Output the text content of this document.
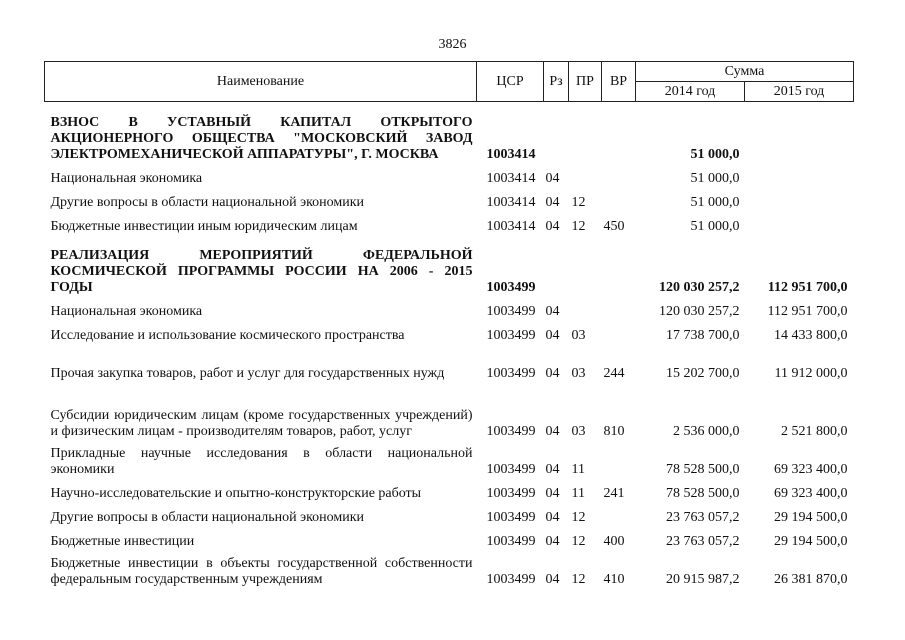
3826
Наименование	ЦСР	Рз	ПР	ВР	Сумма	
					2014 год	2015 год
ВЗНОС В УСТАВНЫЙ КАПИТАЛ ОТКРЫТОГО АКЦИОНЕРНОГО ОБЩЕСТВА "МОСКОВСКИЙ ЗАВОД ЭЛЕКТРОМЕХАНИЧЕСКОЙ АППАРАТУРЫ", Г. МОСКВА	1003414				51 000,0	
Национальная экономика	1003414	04			51 000,0	
Другие вопросы в области национальной экономики	1003414	04	12		51 000,0	
Бюджетные инвестиции иным юридическим лицам	1003414	04	12	450	51 000,0	
РЕАЛИЗАЦИЯ МЕРОПРИЯТИЙ ФЕДЕРАЛЬНОЙ КОСМИЧЕСКОЙ ПРОГРАММЫ РОССИИ НА 2006 - 2015 ГОДЫ	1003499				120 030 257,2	112 951 700,0
Национальная экономика	1003499	04			120 030 257,2	112 951 700,0
Исследование и использование космического пространства	1003499	04	03		17 738 700,0	14 433 800,0
Прочая закупка товаров, работ и услуг для государственных нужд	1003499	04	03	244	15 202 700,0	11 912 000,0
Субсидии юридическим лицам (кроме государственных учреждений) и физическим лицам - производителям товаров, работ, услуг	1003499	04	03	810	2 536 000,0	2 521 800,0
Прикладные научные исследования в области национальной экономики	1003499	04	11		78 528 500,0	69 323 400,0
Научно-исследовательские и опытно-конструкторские работы	1003499	04	11	241	78 528 500,0	69 323 400,0
Другие вопросы в области национальной экономики	1003499	04	12		23 763 057,2	29 194 500,0
Бюджетные инвестиции	1003499	04	12	400	23 763 057,2	29 194 500,0
Бюджетные инвестиции в объекты государственной собственности федеральным государственным учреждениям	1003499	04	12	410	20 915 987,2	26 381 870,0
